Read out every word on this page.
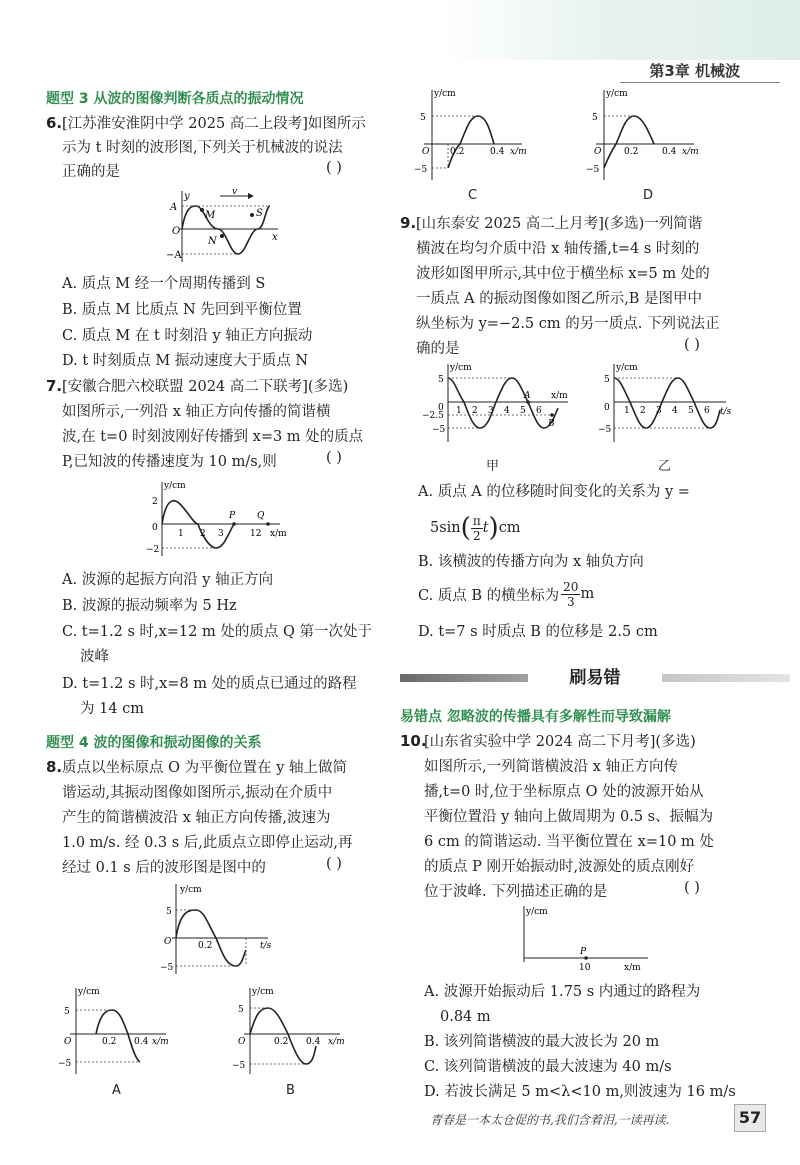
第3章 机械波
题型 3 从波的图像判断各质点的振动情况
6. [江苏淮安淮阴中学 2025 高二上段考]如图所示
示为 t 时刻的波形图,下列关于机械波的说法
正确的是	( )
y
A
−A
O
x
M
N
S
v
A. 质点 M 经一个周期传播到 S
B. 质点 M 比质点 N 先回到平衡位置
C. 质点 M 在 t 时刻沿 y 轴正方向振动
D. t 时刻质点 M 振动速度大于质点 N
7. [安徽合肥六校联盟 2024 高二下联考](多选)
如图所示,一列沿 x 轴正方向传播的简谐横
波,在 t=0 时刻波刚好传播到 x=3 m 处的质点
P,已知波的传播速度为 10 m/s,则	( )
y/cm
2
−2
0
1 2 3	12
P Q
x/m
A. 波源的起振方向沿 y 轴正方向
B. 波源的振动频率为 5 Hz
C. t=1.2 s 时,x=12 m 处的质点 Q 第一次处于
波峰
D. t=1.2 s 时,x=8 m 处的质点已通过的路程
为 14 cm
题型 4 波的图像和振动图像的关系
8. 质点以坐标原点 O 为平衡位置在 y 轴上做简
谐运动,其振动图像如图所示,振动在介质中
产生的简谐横波沿 x 轴正方向传播,波速为
1.0 m/s. 经 0.3 s 后,此质点立即停止运动,再
经过 0.1 s 后的波形图是图中的	( )
y/cm
5
−5
O	0.2	t/s
y/cm
5
−5
O	0.2 0.4 x/m
A
y/cm
5
−5
O	0.2 0.4 x/m
B
y/cm
5
−5
O 0.2	0.4 x/m
C
y/cm
5
−5
O	0.2	0.4 x/m
D
9. [山东泰安 2025 高二上月考](多选)一列简谐
横波在均匀介质中沿 x 轴传播,t=4 s 时刻的
波形如图甲所示,其中位于横坐标 x=5 m 处的
一质点 A 的振动图像如图乙所示,B 是图甲中
纵坐标为 y=−2.5 cm 的另一质点. 下列说法正
确的是	( )
y/cm
5
−2.5
−5
0 1 2 3 4 5 6
A
B
x/m
甲
y/cm
5
−5
0 1 2 3 4 5 6 t/s
乙
A. 质点 A 的位移随时间变化的关系为 y =
5sin ( $\frac{\pi}{2}$ t ) cm
B. 该横波的传播方向为 x 轴负方向
C. 质点 B 的横坐标为 $\frac{20}{3}$ m
D. t=7 s 时质点 B 的位移是 2.5 cm
刷易错
易错点 忽略波的传播具有多解性而导致漏解
10.
[山东省实验中学 2024 高二下月考](多选)
如图所示,一列简谐横波沿 x 轴正方向传
播,t=0 时,位于坐标原点 O 处的波源开始从
平衡位置沿 y 轴向上做周期为 0.5 s、振幅为
6 cm 的简谐运动. 当平衡位置在 x=10 m 处
的质点 P 刚开始振动时,波源处的质点刚好
位于波峰. 下列描述正确的是	( )
y/cm
P
10	x/m
A. 波源开始振动后 1.75 s 内通过的路程为
0.84 m
B. 该列简谐横波的最大波长为 20 m
C. 该列简谐横波的最大波速为 40 m/s
D. 若波长满足 5 m<λ<10 m,则波速为 16 m/s
青春是一本太仓促的书,我们含着泪,一读再读.	57
